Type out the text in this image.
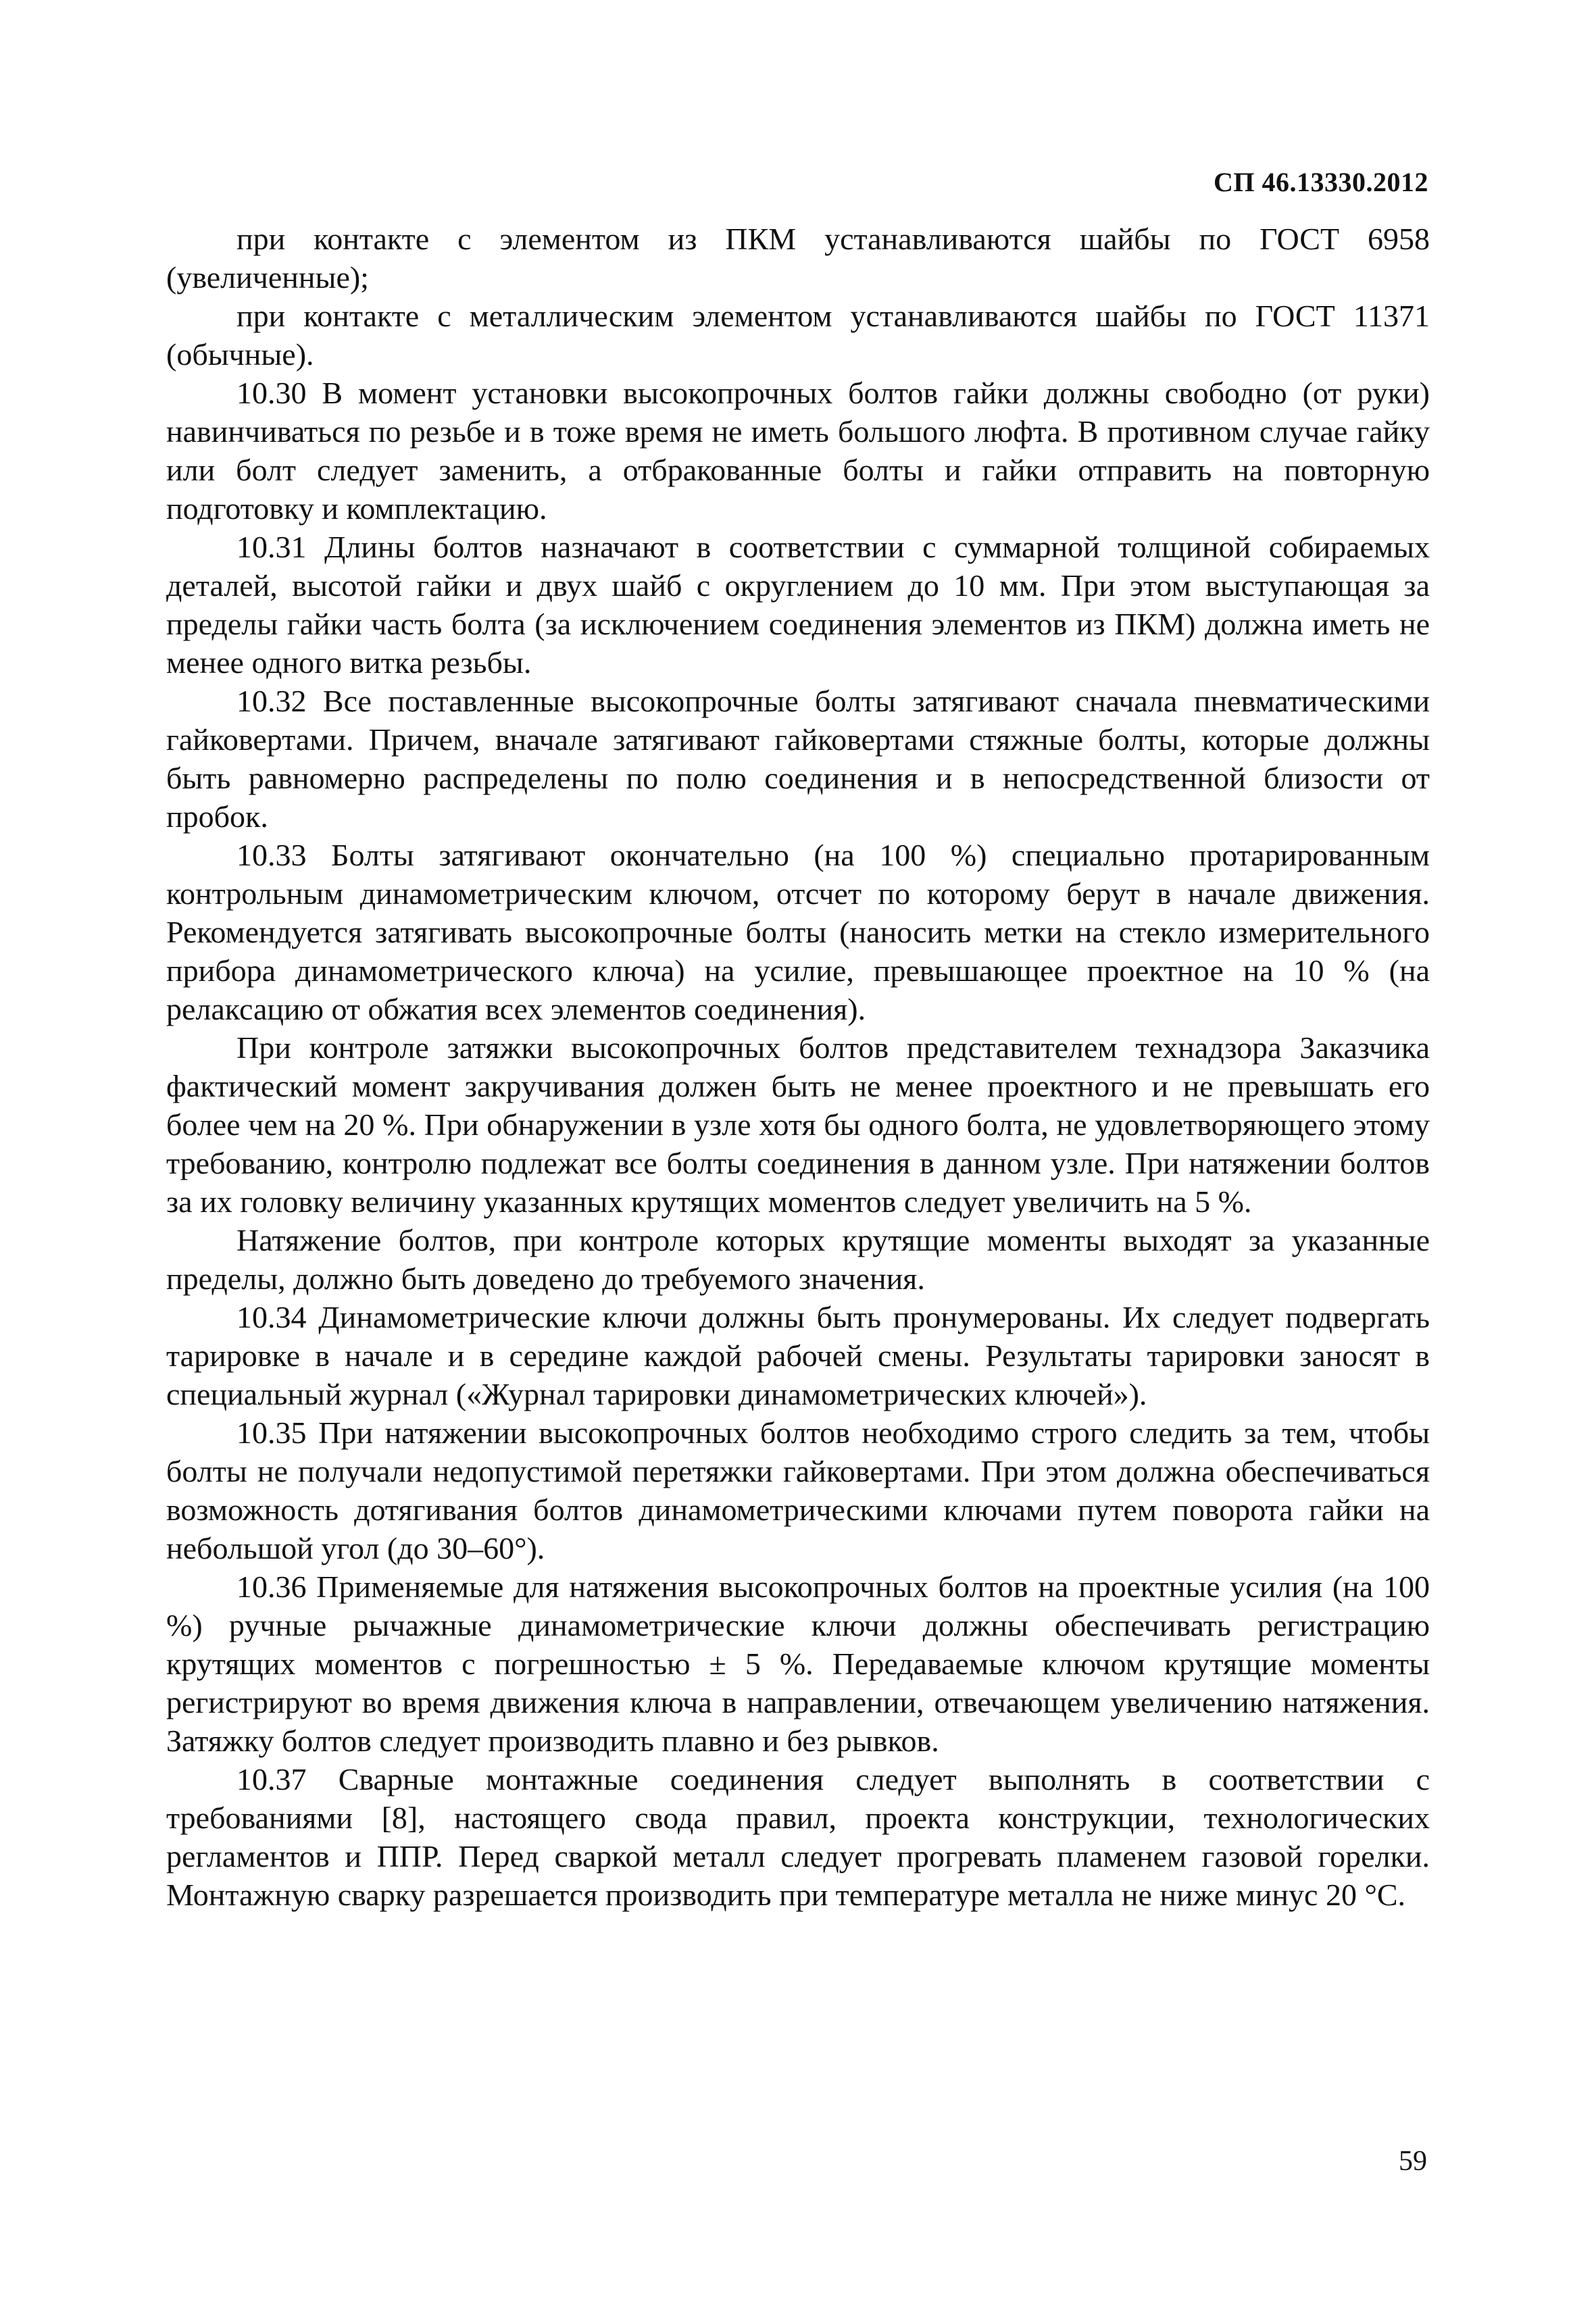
СП 46.13330.2012

при контакте с элементом из ПКМ устанавливаются шайбы по ГОСТ 6958 (увеличенные);

при контакте с металлическим элементом устанавливаются шайбы по ГОСТ 11371 (обычные).

10.30 В момент установки высокопрочных болтов гайки должны свободно (от руки) навинчиваться по резьбе и в тоже время не иметь большого люфта. В противном случае гайку или болт следует заменить, а отбракованные болты и гайки отправить на повторную подготовку и комплектацию.

10.31 Длины болтов назначают в соответствии с суммарной толщиной собираемых деталей, высотой гайки и двух шайб с округлением до 10 мм. При этом выступающая за пределы гайки часть болта (за исключением соединения элементов из ПКМ) должна иметь не менее одного витка резьбы.

10.32 Все поставленные высокопрочные болты затягивают сначала пневматическими гайковертами. Причем, вначале затягивают гайковертами стяжные болты, которые должны быть равномерно распределены по полю соединения и в непосредственной близости от пробок.

10.33 Болты затягивают окончательно (на 100 %) специально протарированным контрольным динамометрическим ключом, отсчет по которому берут в начале движения. Рекомендуется затягивать высокопрочные болты (наносить метки на стекло измерительного прибора динамометрического ключа) на усилие, превышающее проектное на 10 % (на релаксацию от обжатия всех элементов соединения).

При контроле затяжки высокопрочных болтов представителем технадзора Заказчика фактический момент закручивания должен быть не менее проектного и не превышать его более чем на 20 %. При обнаружении в узле хотя бы одного болта, не удовлетворяющего этому требованию, контролю подлежат все болты соединения в данном узле. При натяжении болтов за их головку величину указанных крутящих моментов следует увеличить на 5 %.

Натяжение болтов, при контроле которых крутящие моменты выходят за указанные пределы, должно быть доведено до требуемого значения.

10.34 Динамометрические ключи должны быть пронумерованы. Их следует подвергать тарировке в начале и в середине каждой рабочей смены. Результаты тарировки заносят в специальный журнал («Журнал тарировки динамометрических ключей»).

10.35 При натяжении высокопрочных болтов необходимо строго следить за тем, чтобы болты не получали недопустимой перетяжки гайковертами. При этом должна обеспечиваться возможность дотягивания болтов динамометрическими ключами путем поворота гайки на небольшой угол (до 30–60°).

10.36 Применяемые для натяжения высокопрочных болтов на проектные усилия (на 100 %) ручные рычажные динамометрические ключи должны обеспечивать регистрацию крутящих моментов с погрешностью ± 5 %. Передаваемые ключом крутящие моменты регистрируют во время движения ключа в направлении, отвечающем увеличению натяжения. Затяжку болтов следует производить плавно и без рывков.

10.37 Сварные монтажные соединения следует выполнять в соответствии с требованиями [8], настоящего свода правил, проекта конструкции, технологических регламентов и ППР. Перед сваркой металл следует прогревать пламенем газовой горелки. Монтажную сварку разрешается производить при температуре металла не ниже минус 20 °С.

59
